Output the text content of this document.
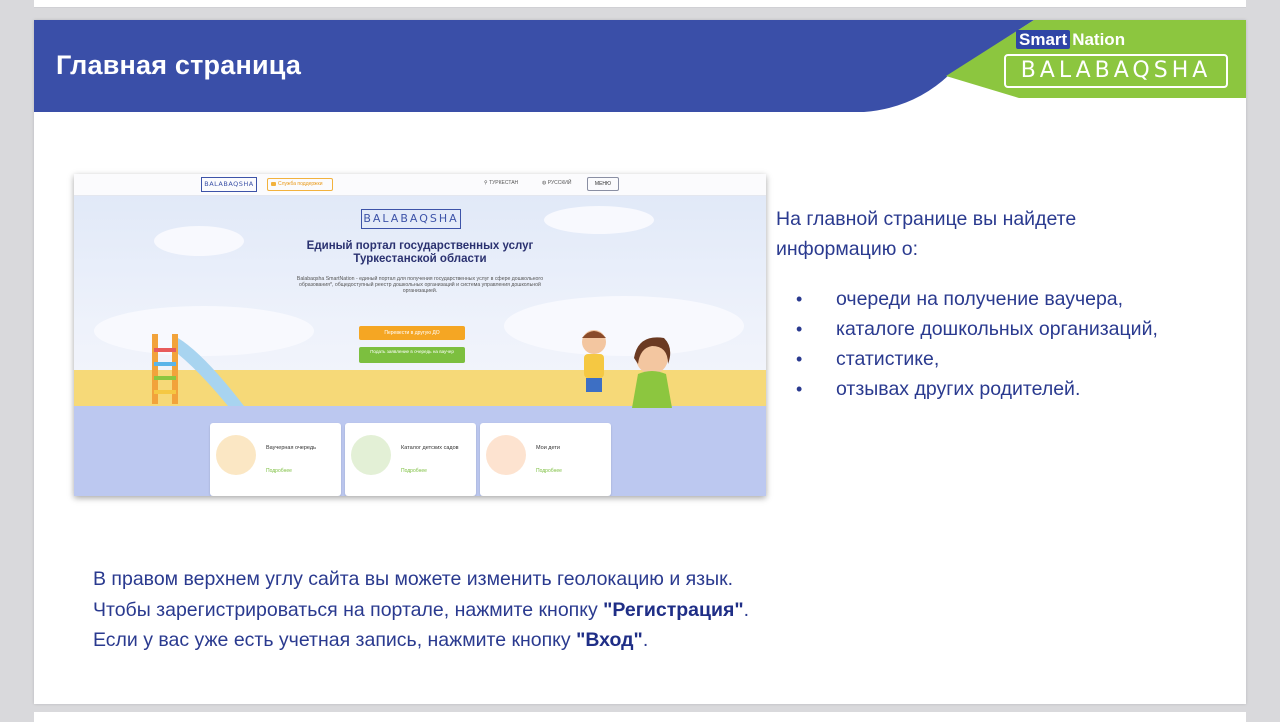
Главная страница
Smart Nation
BALABAQSHA
BALABAQSHA	Служба поддержки	⚲ ТУРКЕСТАН	◍ РУССКИЙ	МЕНЮ
BALABAQSHA
Единый портал государственных услуг
Туркестанской области
Balabaqsha SmartNation - единый портал для получения государственных услуг в сфере дошкольного образования*, общедоступный реестр дошкольных организаций и система управления дошкольной организацией.
Перевести в другую ДО
Подать заявление в очередь на ваучер
Ваучерная очередь
Подробнее
Каталог детских садов
Подробнее
Мои дети
Подробнее
На главной странице вы найдете информацию о:
• очереди на получение ваучера,
• каталоге дошкольных организаций,
• статистике,
• отзывах других родителей.
В правом верхнем углу сайта вы можете изменить геолокацию и язык.
Чтобы зарегистрироваться на портале, нажмите кнопку "Регистрация".
Если у вас уже есть учетная запись, нажмите кнопку "Вход".
